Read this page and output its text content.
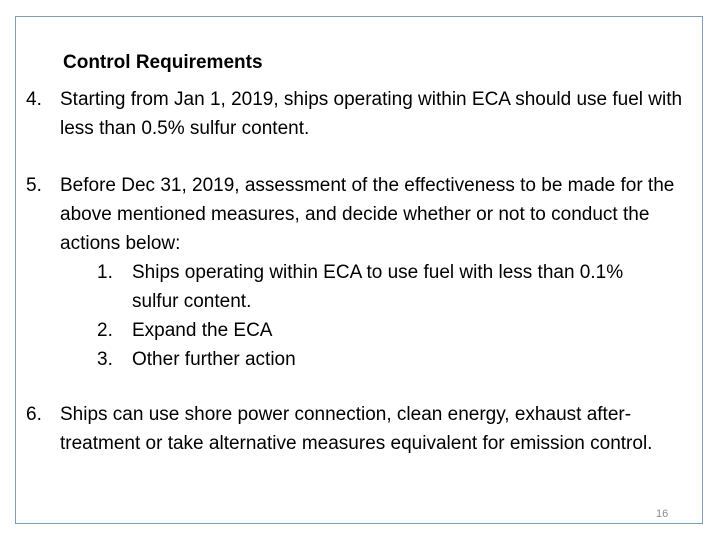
Control Requirements
4. Starting from Jan 1, 2019, ships operating within ECA should use fuel with less than 0.5% sulfur content.
5. Before Dec 31, 2019, assessment of the effectiveness to be made for the above mentioned measures, and decide whether or not to conduct the actions below:
1. Ships operating within ECA to use fuel with less than 0.1% sulfur content.
2. Expand the ECA
3. Other further action
6. Ships can use shore power connection, clean energy, exhaust after-treatment or take alternative measures equivalent for emission control.
16
